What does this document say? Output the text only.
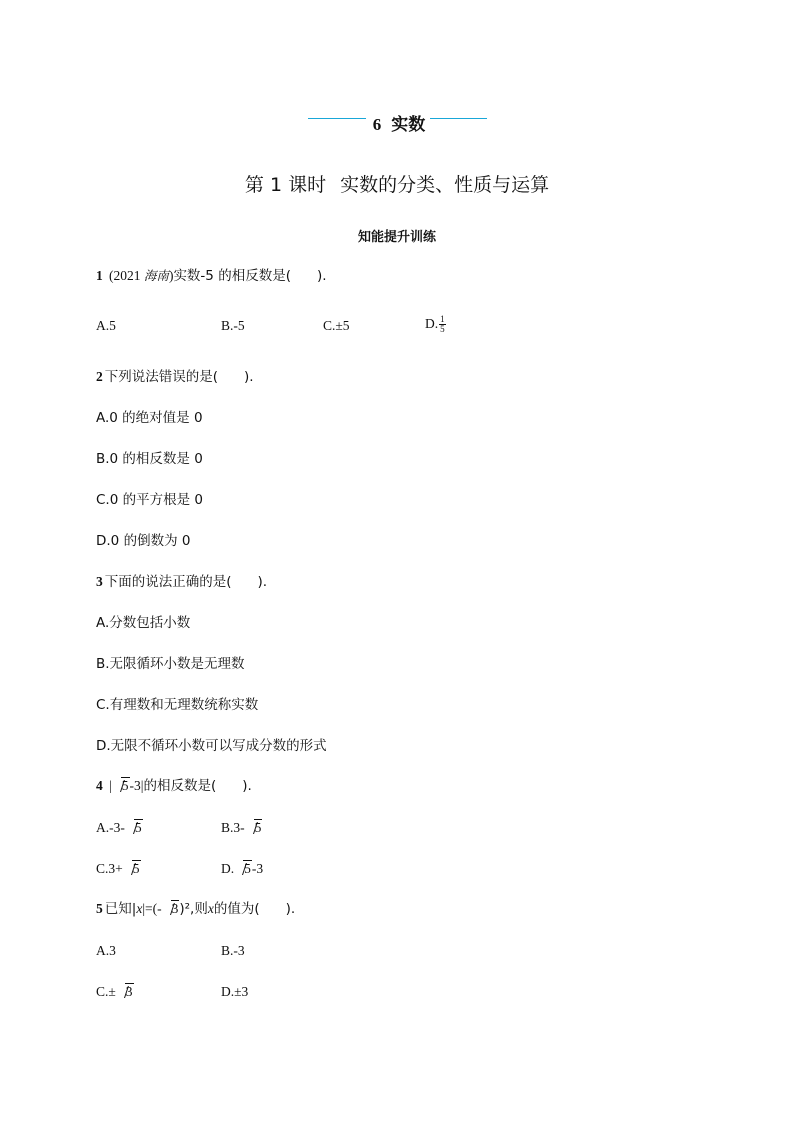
6 实数
第 1 课时 实数的分类、性质与运算
知能提升训练
1 (2021 海南)实数-5 的相反数是( ).
A.5	B.-5	C.±5	D. $\frac{1}{5}$
2 下列说法错误的是( ).
A.0 的绝对值是 0
B.0 的相反数是 0
C.0 的平方根是 0
D.0 的倒数为 0
3 下面的说法正确的是( ).
A.分数包括小数
B.无限循环小数是无理数
C.有理数和无理数统称实数
D.无限不循环小数可以写成分数的形式
4 | 5-3|的相反数是( ).
A.-3- 5	B.3- 5
C.3+ 5	D. 5-3
5 已知|x|=(- 3)²,则x的值为( ).
A.3	B.-3
C.± 3	D.±3
